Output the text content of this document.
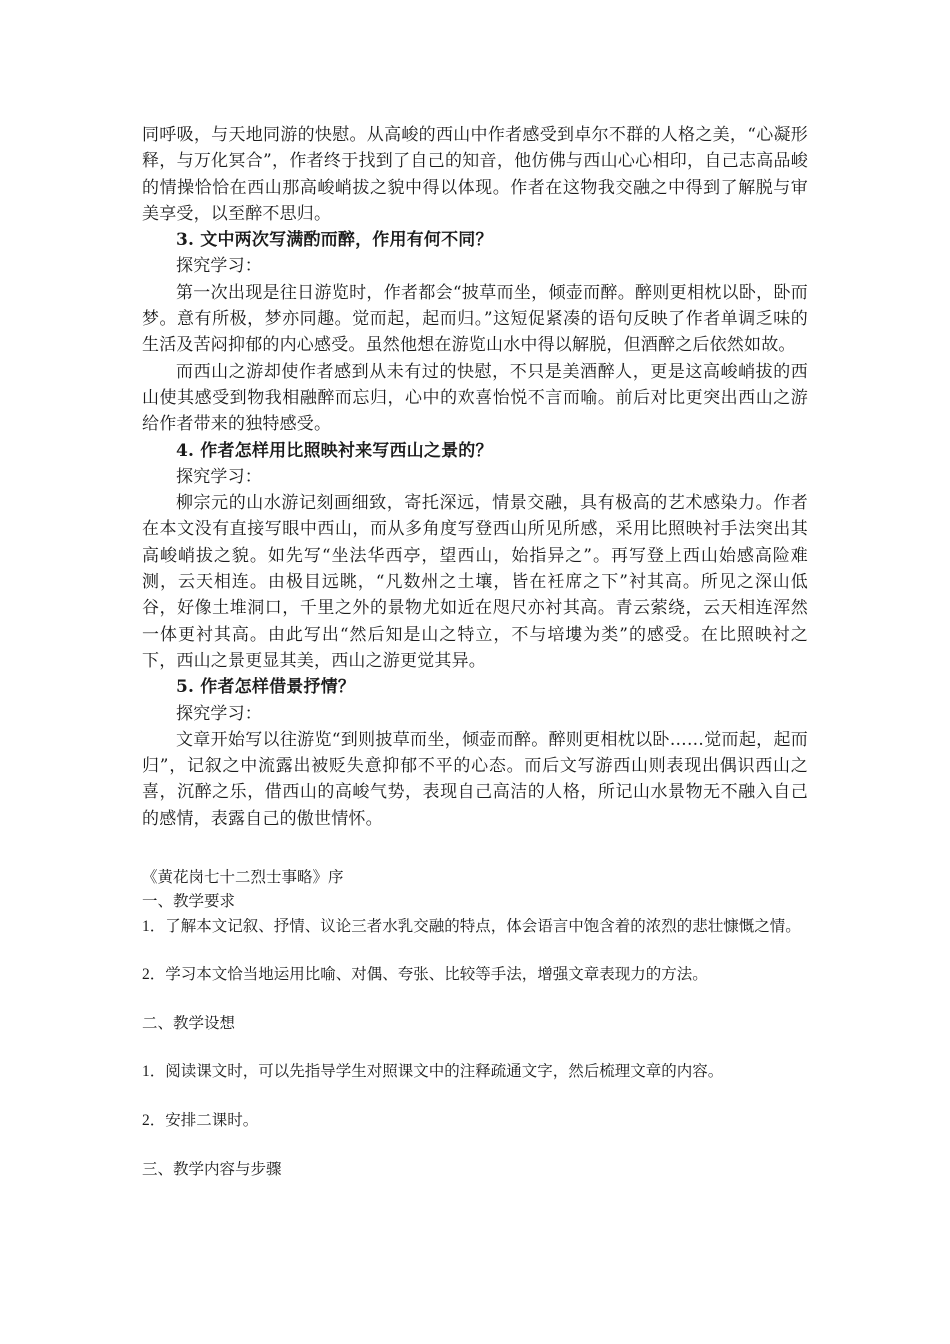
同呼吸，与天地同游的快慰。从高峻的西山中作者感受到卓尔不群的人格之美，“心凝形释，与万化冥合”，作者终于找到了自己的知音，他仿佛与西山心心相印，自己志高品峻的情操恰恰在西山那高峻峭拔之貌中得以体现。作者在这物我交融之中得到了解脱与审美享受，以至醉不思归。

3. 文中两次写满酌而醉，作用有何不同？

探究学习：

第一次出现是往日游览时，作者都会“披草而坐，倾壶而醉。醉则更相枕以卧，卧而梦。意有所极，梦亦同趣。觉而起，起而归。”这短促紧凑的语句反映了作者单调乏味的生活及苦闷抑郁的内心感受。虽然他想在游览山水中得以解脱，但酒醉之后依然如故。

而西山之游却使作者感到从未有过的快慰，不只是美酒醉人，更是这高峻峭拔的西山使其感受到物我相融醉而忘归，心中的欢喜怡悦不言而喻。前后对比更突出西山之游给作者带来的独特感受。

4. 作者怎样用比照映衬来写西山之景的？

探究学习：

柳宗元的山水游记刻画细致，寄托深远，情景交融，具有极高的艺术感染力。作者在本文没有直接写眼中西山，而从多角度写登西山所见所感，采用比照映衬手法突出其高峻峭拔之貌。如先写“坐法华西亭，望西山，始指异之”。再写登上西山始感高险难测，云天相连。由极目远眺，“凡数州之土壤，皆在衽席之下”衬其高。所见之深山低谷，好像土堆洞口，千里之外的景物尤如近在咫尺亦衬其高。青云萦绕，云天相连浑然一体更衬其高。由此写出“然后知是山之特立，不与培塿为类”的感受。在比照映衬之下，西山之景更显其美，西山之游更觉其异。

5. 作者怎样借景抒情？

探究学习：

文章开始写以往游览“到则披草而坐，倾壶而醉。醉则更相枕以卧……觉而起，起而归”，记叙之中流露出被贬失意抑郁不平的心态。而后文写游西山则表现出偶识西山之喜，沉醉之乐，借西山的高峻气势，表现自己高洁的人格，所记山水景物无不融入自己的感情，表露自己的傲世情怀。

《黄花岗七十二烈士事略》序

一、教学要求

1．了解本文记叙、抒情、议论三者水乳交融的特点，体会语言中饱含着的浓烈的悲壮慷慨之情。

2．学习本文恰当地运用比喻、对偶、夸张、比较等手法，增强文章表现力的方法。

二、教学设想

1．阅读课文时，可以先指导学生对照课文中的注释疏通文字，然后梳理文章的内容。

2．安排二课时。

三、教学内容与步骤
